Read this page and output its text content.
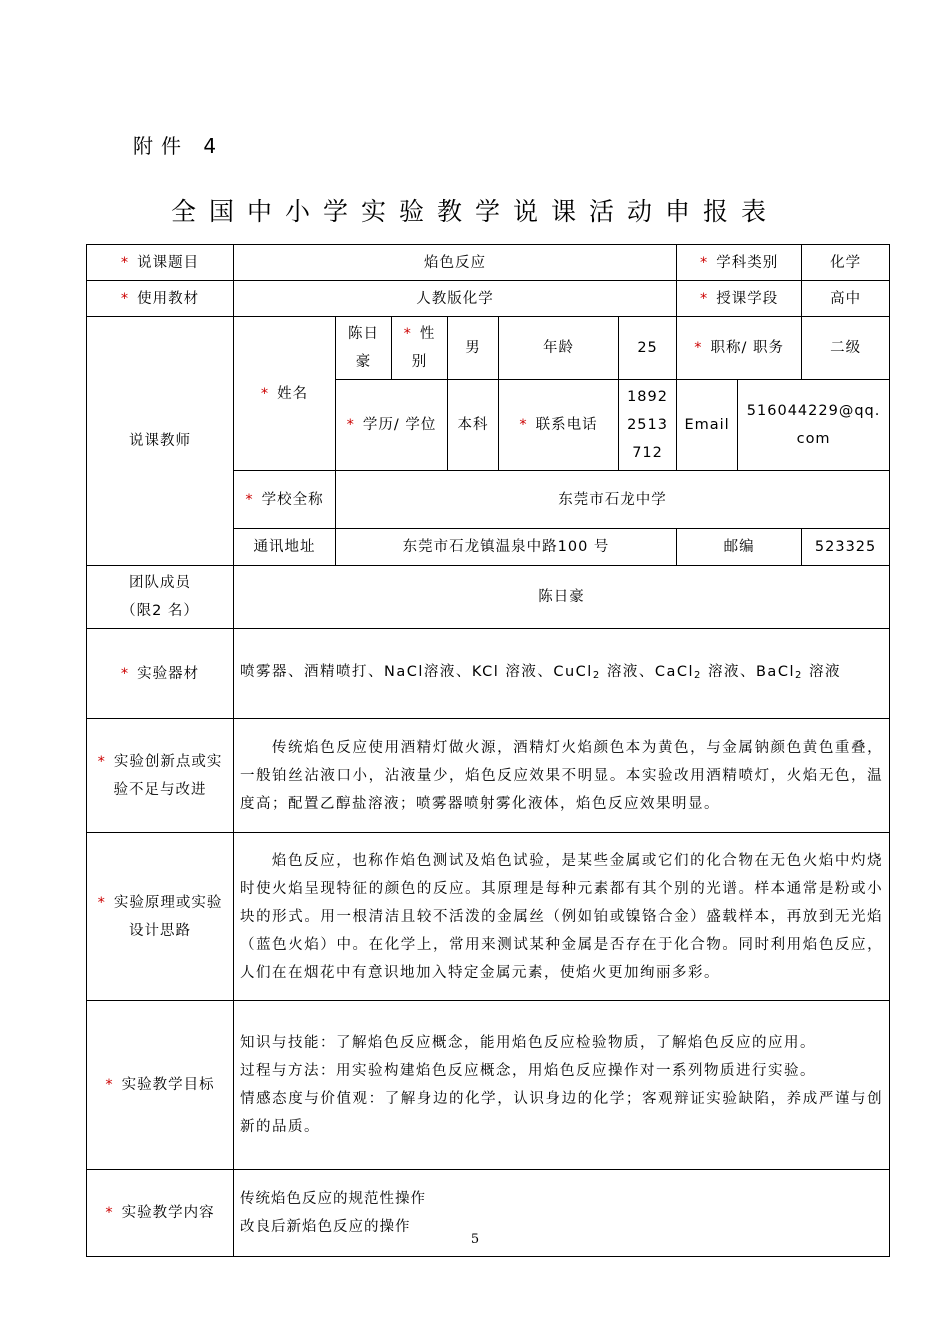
附件 4
全国中小学实验教学说课活动申报表
* 说课题目	焰色反应						* 学科类别		化学
* 使用教材	人教版化学						* 授课学段		高中
说课教师	* 姓名	陈日豪	* 性别	男	年龄	25	* 职称/ 职务		二级
		* 学历/ 学位		本科	* 联系电话	18922513712	Email	516044229@qq.com	
	* 学校全称	东莞市石龙中学							
	通讯地址	东莞市石龙镇温泉中路100 号					邮编		523325
团队成员
（限2 名）	陈日豪								
* 实验器材	喷雾器、酒精喷打、NaCl溶液、KCl 溶液、CuCl$_2$ 溶液、CaCl$_2$ 溶液、BaCl$_2$ 溶液								
* 实验创新点或实验不足与改进	传统焰色反应使用酒精灯做火源，酒精灯火焰颜色本为黄色，与金属钠颜色黄色重叠，一般铂丝沾液口小，沾液量少，焰色反应效果不明显。本实验改用酒精喷灯，火焰无色，温度高；配置乙醇盐溶液；喷雾器喷射雾化液体，焰色反应效果明显。								
* 实验原理或实验设计思路	焰色反应，也称作焰色测试及焰色试验，是某些金属或它们的化合物在无色火焰中灼烧时使火焰呈现特征的颜色的反应。其原理是每种元素都有其个别的光谱。样本通常是粉或小块的形式。用一根清洁且较不活泼的金属丝（例如铂或镍铬合金）盛载样本，再放到无光焰（蓝色火焰）中。在化学上，常用来测试某种金属是否存在于化合物。同时利用焰色反应，人们在在烟花中有意识地加入特定金属元素，使焰火更加绚丽多彩。								
* 实验教学目标	知识与技能：了解焰色反应概念，能用焰色反应检验物质，了解焰色反应的应用。
过程与方法：用实验构建焰色反应概念，用焰色反应操作对一系列物质进行实验。
情感态度与价值观：了解身边的化学，认识身边的化学；客观辩证实验缺陷，养成严谨与创新的品质。								

* 实验教学内容	传统焰色反应的规范性操作
改良后新焰色反应的操作								
5
